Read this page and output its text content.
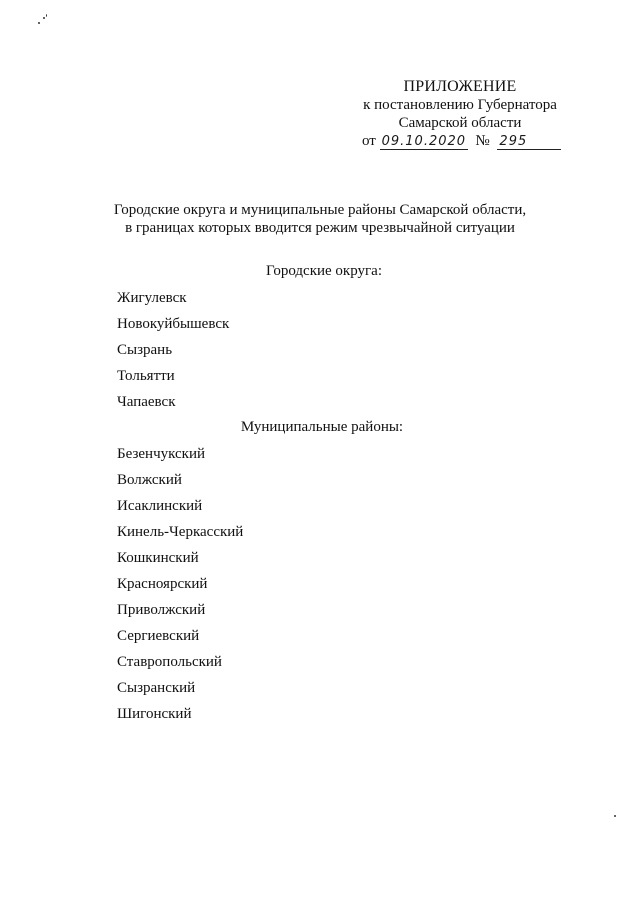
ПРИЛОЖЕНИЕ
к постановлению Губернатора
Самарской области
от 09.10.2020 № 295
Городские округа и муниципальные районы Самарской области,
в границах которых вводится режим чрезвычайной ситуации
Городские округа:
Жигулевск
Новокуйбышевск
Сызрань
Тольятти
Чапаевск
Муниципальные районы:
Безенчукский
Волжский
Исаклинский
Кинель-Черкасский
Кошкинский
Красноярский
Приволжский
Сергиевский
Ставропольский
Сызранский
Шигонский
